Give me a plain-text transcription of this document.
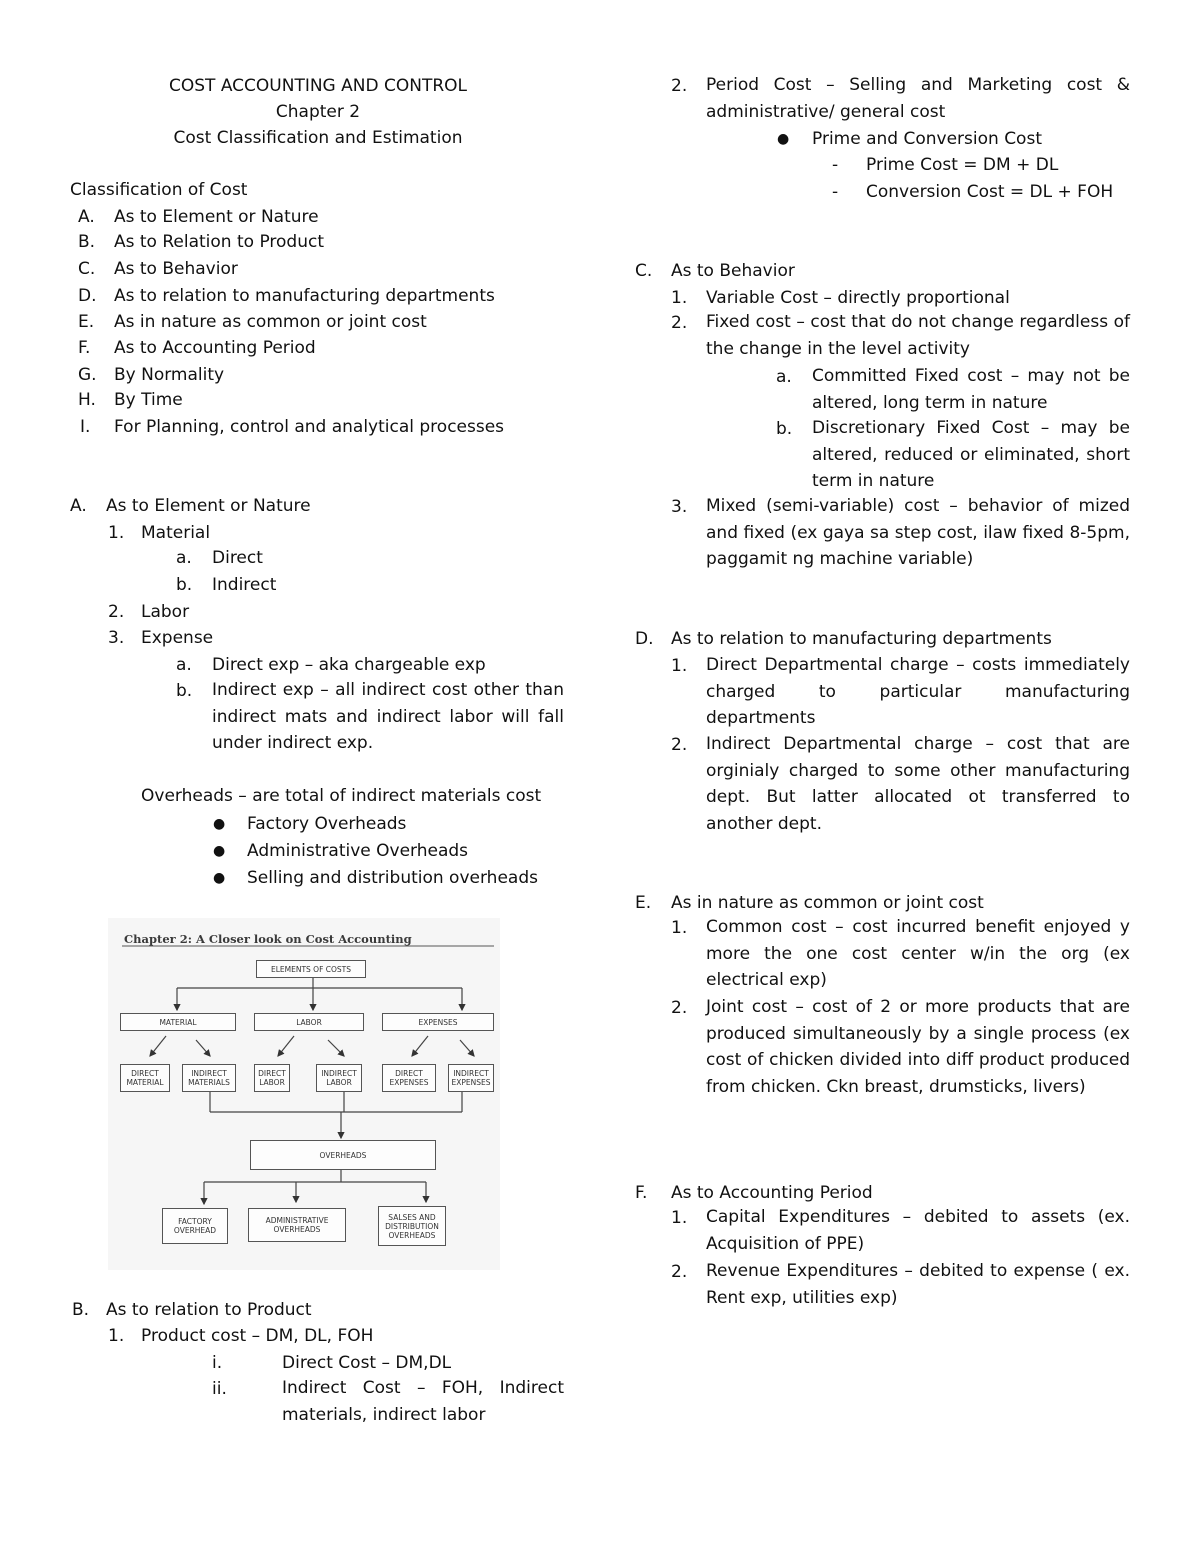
COST ACCOUNTING AND CONTROL
Chapter 2
Cost Classification and Estimation
Classification of Cost
A. As to Element or Nature
B. As to Relation to Product
C. As to Behavior
D. As to relation to manufacturing departments
E. As in nature as common or joint cost
F. As to Accounting Period
G. By Normality
H. By Time
I. For Planning, control and analytical processes
A. As to Element or Nature
1. Material
a. Direct
b. Indirect
2. Labor
3. Expense
a. Direct exp – aka chargeable exp
b. Indirect exp – all indirect cost other than indirect mats and indirect labor will fall under indirect exp.
Overheads – are total of indirect materials cost
● Factory Overheads
● Administrative Overheads
● Selling and distribution overheads
Chapter 2: A Closer look on Cost Accounting
ELEMENTS OF COSTS
MATERIAL	LABOR	EXPENSES
DIRECT
MATERIAL
INDIRECT
MATERIALS
DIRECT
LABOR
INDIRECT
LABOR
DIRECT
EXPENSES
INDIRECT
EXPENSES
OVERHEADS
FACTORY
OVERHEAD
ADMINISTRATIVE
OVERHEADS
SALSES AND
DISTRIBUTION
OVERHEADS
B. As to relation to Product
1. Product cost – DM, DL, FOH
i.	Direct Cost – DM,DL
ii.	Indirect Cost – FOH, Indirect materials, indirect labor
2. Period Cost – Selling and Marketing cost & administrative/ general cost
● Prime and Conversion Cost
- Prime Cost = DM + DL
- Conversion Cost = DL + FOH
C. As to Behavior
1. Variable Cost – directly proportional
2. Fixed cost – cost that do not change regardless of the change in the level activity
a. Committed Fixed cost – may not be altered, long term in nature
b. Discretionary Fixed Cost – may be altered, reduced or eliminated, short term in nature
3. Mixed (semi-variable) cost – behavior of mized and fixed (ex gaya sa step cost, ilaw fixed 8-5pm, paggamit ng machine variable)
D. As to relation to manufacturing departments
1. Direct Departmental charge – costs immediately charged to particular manufacturing departments
2. Indirect Departmental charge – cost that are orginialy charged to some other manufacturing dept. But latter allocated ot transferred to another dept.
E. As in nature as common or joint cost
1. Common cost – cost incurred benefit enjoyed y more the one cost center w/in the org (ex electrical exp)
2. Joint cost – cost of 2 or more products that are produced simultaneously by a single process (ex cost of chicken divided into diff product produced from chicken. Ckn breast, drumsticks, livers)
F. As to Accounting Period
1. Capital Expenditures – debited to assets (ex. Acquisition of PPE)
2. Revenue Expenditures – debited to expense ( ex. Rent exp, utilities exp)
